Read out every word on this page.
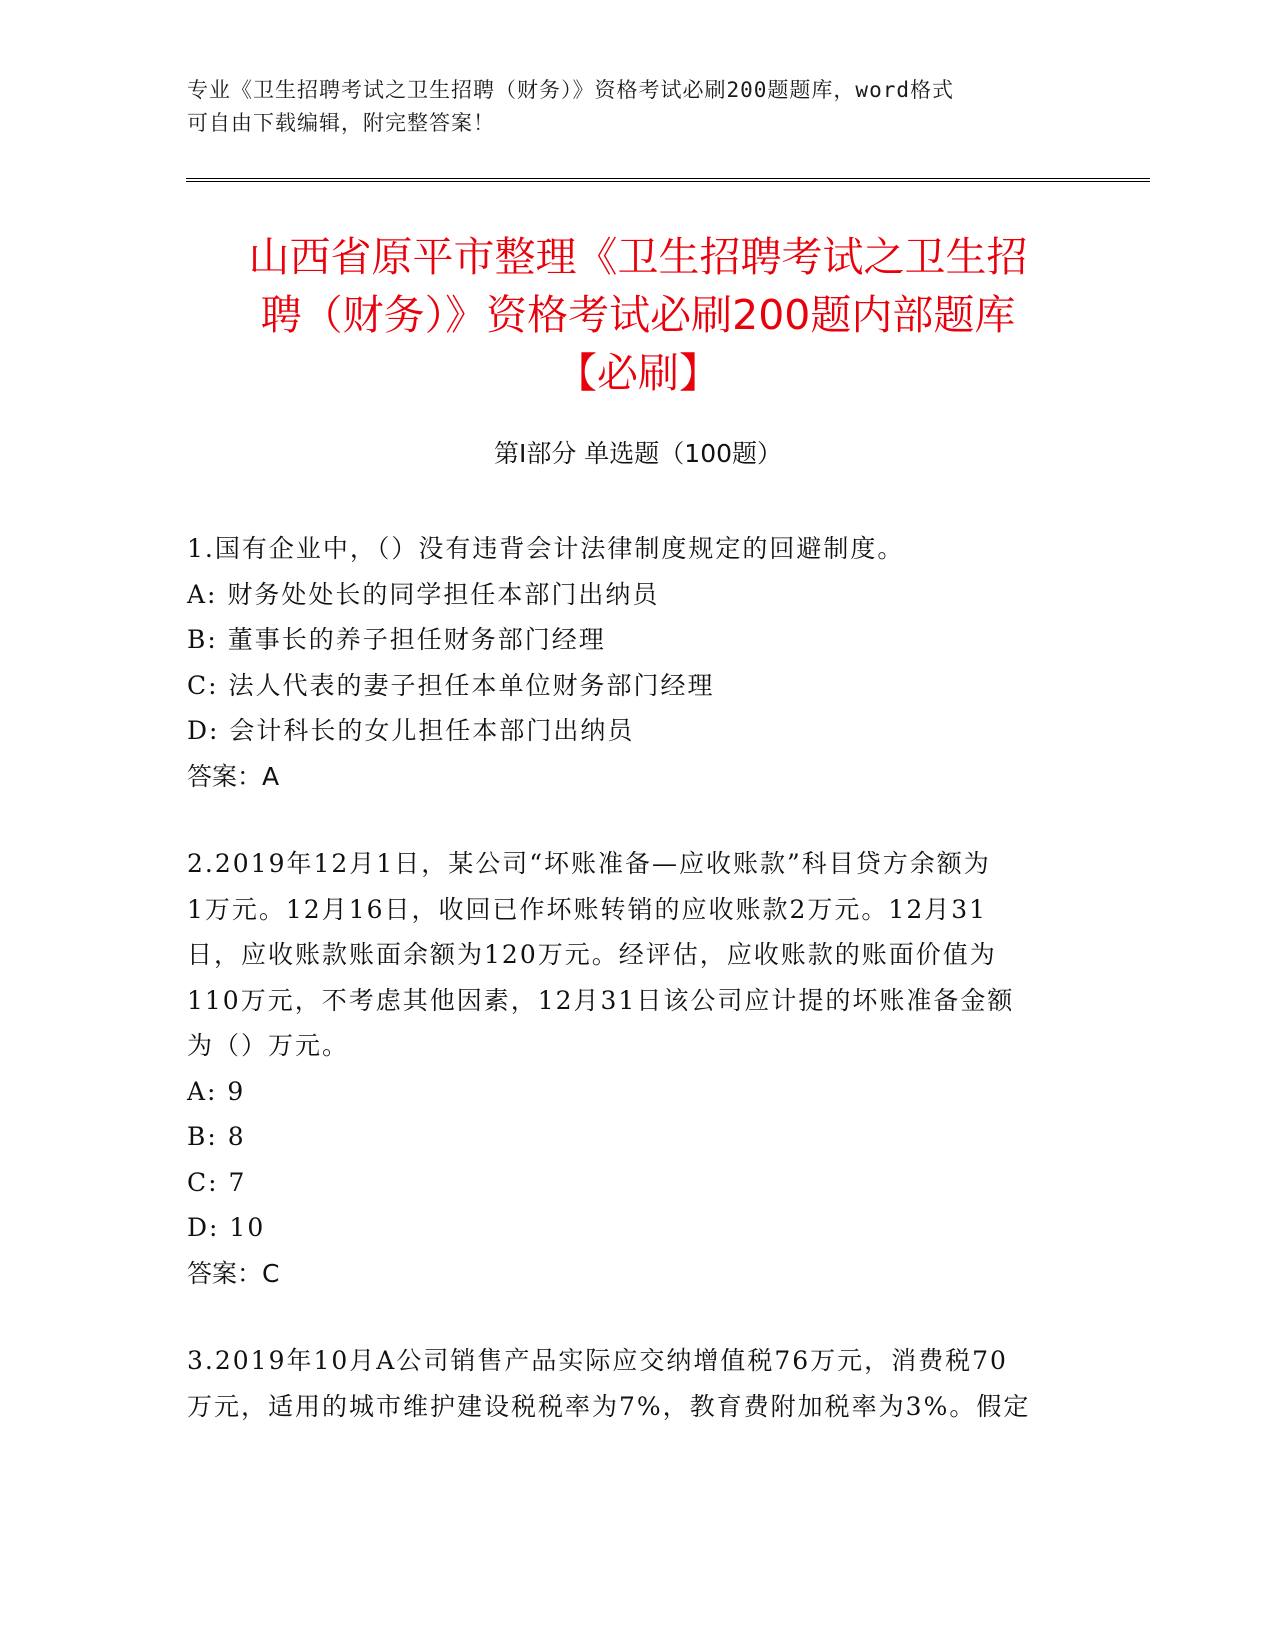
专业《卫生招聘考试之卫生招聘（财务）》资格考试必刷200题题库，word格式
可自由下载编辑，附完整答案！
山西省原平市整理《卫生招聘考试之卫生招
聘（财务）》资格考试必刷200题内部题库
【必刷】
第Ⅰ部分 单选题（100题）

1.国有企业中，（）没有违背会计法律制度规定的回避制度。

A: 财务处处长的同学担任本部门出纳员

B: 董事长的养子担任财务部门经理

C: 法人代表的妻子担任本单位财务部门经理

D: 会计科长的女儿担任本部门出纳员

答案：A

2.2019年12月1日，某公司“坏账准备—应收账款”科目贷方余额为

1万元。12月16日，收回已作坏账转销的应收账款2万元。12月31

日，应收账款账面余额为120万元。经评估，应收账款的账面价值为

110万元，不考虑其他因素，12月31日该公司应计提的坏账准备金额

为（）万元。

A: 9

B: 8

C: 7

D: 10

答案：C

3.2019年10月A公司销售产品实际应交纳增值税76万元，消费税70

万元，适用的城市维护建设税税率为7%，教育费附加税率为3%。假定
